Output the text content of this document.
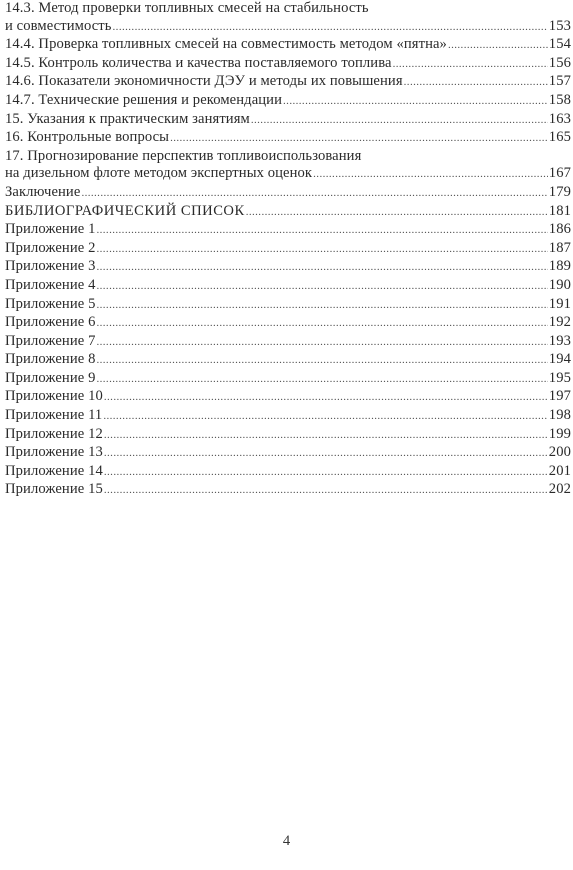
14.3. Метод проверки топливных смесей на стабильность
и совместимость .....	153
14.4. Проверка топливных смесей на совместимость методом «пятна» .....	154
14.5. Контроль количества и качества поставляемого топлива .....	156
14.6. Показатели экономичности ДЭУ и методы их повышения .....	157
14.7. Технические решения и рекомендации .....	158
15. Указания к практическим занятиям .....	163
16. Контрольные вопросы .....	165
17. Прогнозирование перспектив топливоиспользования
на дизельном флоте методом экспертных оценок .....	167
Заключение .....	179
БИБЛИОГРАФИЧЕСКИЙ СПИСОК .....	181
Приложение 1 .....	186
Приложение 2 .....	187
Приложение 3 .....	189
Приложение 4 .....	190
Приложение 5 .....	191
Приложение 6 .....	192
Приложение 7 .....	193
Приложение 8 .....	194
Приложение 9 .....	195
Приложение 10 .....	197
Приложение 11 .....	198
Приложение 12 .....	199
Приложение 13 .....	200
Приложение 14 .....	201
Приложение 15 .....	202
4
